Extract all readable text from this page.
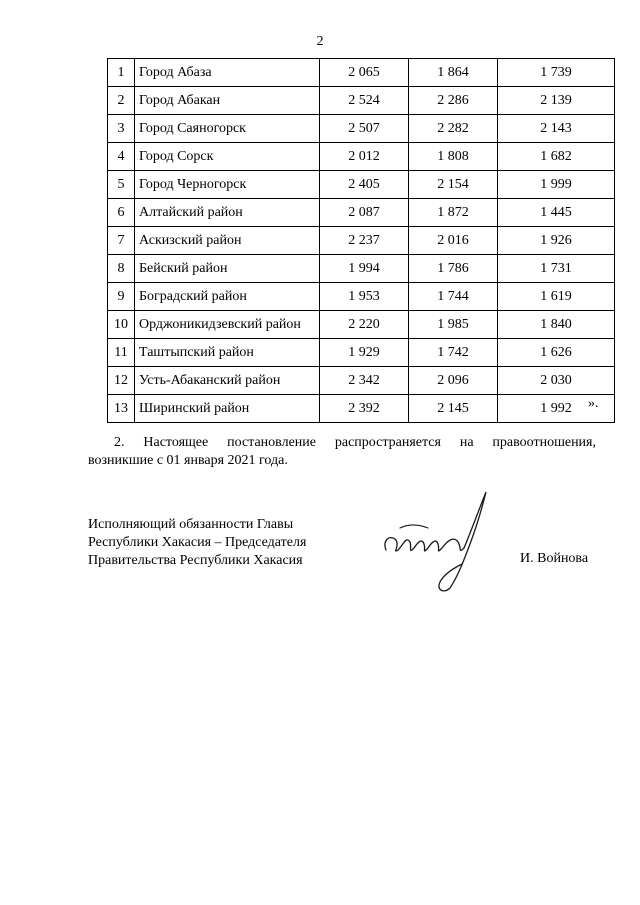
2
1	Город Абаза	2 065	1 864	1 739
2	Город Абакан	2 524	2 286	2 139
3	Город Саяногорск	2 507	2 282	2 143
4	Город Сорск	2 012	1 808	1 682
5	Город Черногорск	2 405	2 154	1 999
6	Алтайский район	2 087	1 872	1 445
7	Аскизский район	2 237	2 016	1 926
8	Бейский район	1 994	1 786	1 731
9	Боградский район	1 953	1 744	1 619
10	Орджоникидзевский район	2 220	1 985	1 840
11	Таштыпский район	1 929	1 742	1 626
12	Усть-Абаканский район	2 342	2 096	2 030
13	Ширинский район	2 392	2 145	1 992 ».
2. Настоящее постановление распространяется на правоотношения,
возникшие с 01 января 2021 года.
Исполняющий обязанности Главы
Республики Хакасия – Председателя
Правительства Республики Хакасия	И. Войнова
